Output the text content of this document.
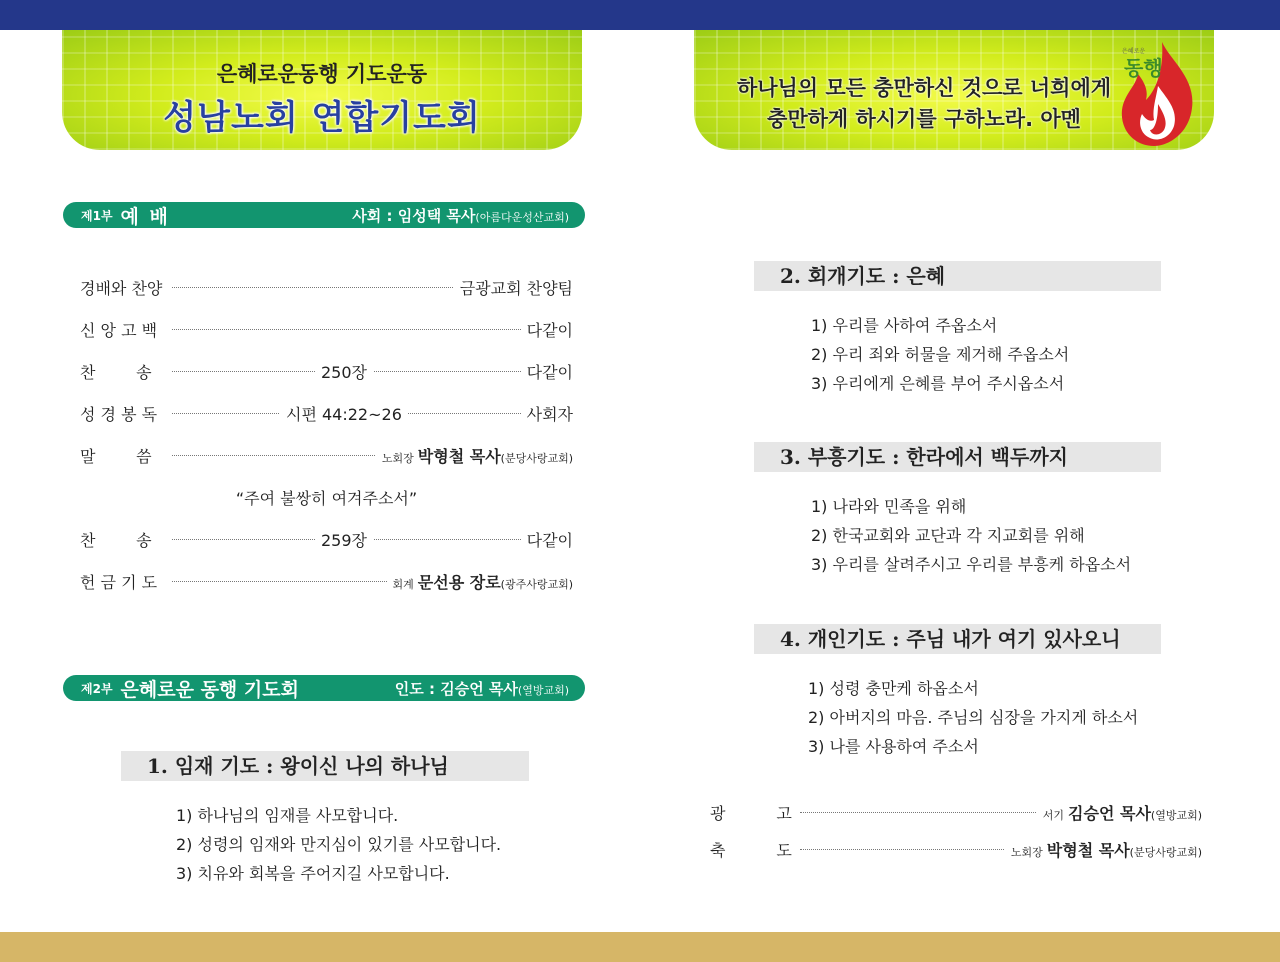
은혜로운동행 기도운동
성남노회 연합기도회
하나님의 모든 충만하신 것으로 너희에게
충만하게 하시기를 구하노라. 아멘
은혜로운
동행
제1부 예 배	사회 : 임성택 목사(아름다운성산교회)
경배와 찬양	금광교회 찬양팀
신 앙 고 백	다같이
찬        송	250장	다같이
성 경 봉 독	시편 44:22~26	사회자
말        씀	노회장 박형철 목사(분당사랑교회)
“주여 불쌍히 여겨주소서”
찬        송	259장	다같이
헌 금 기 도	회계 문선용 장로(광주사랑교회)
제2부 은혜로운 동행 기도회	인도 : 김승언 목사(열방교회)
1. 임재 기도 : 왕이신 나의 하나님
1) 하나님의 임재를 사모합니다.
2) 성령의 임재와 만지심이 있기를 사모합니다.
3) 치유와 회복을 주어지길 사모합니다.
2. 회개기도 : 은혜
1) 우리를 사하여 주옵소서
2) 우리 죄와 허물을 제거해 주옵소서
3) 우리에게 은혜를 부어 주시옵소서
3. 부흥기도 : 한라에서 백두까지
1) 나라와 민족을 위해
2) 한국교회와 교단과 각 지교회를 위해
3) 우리를 살려주시고 우리를 부흥케 하옵소서
4. 개인기도 : 주님 내가 여기 있사오니
1) 성령 충만케 하옵소서
2) 아버지의 마음. 주님의 심장을 가지게 하소서
3) 나를 사용하여 주소서
광          고	서기 김승언 목사(열방교회)
축          도	노회장 박형철 목사(분당사랑교회)
